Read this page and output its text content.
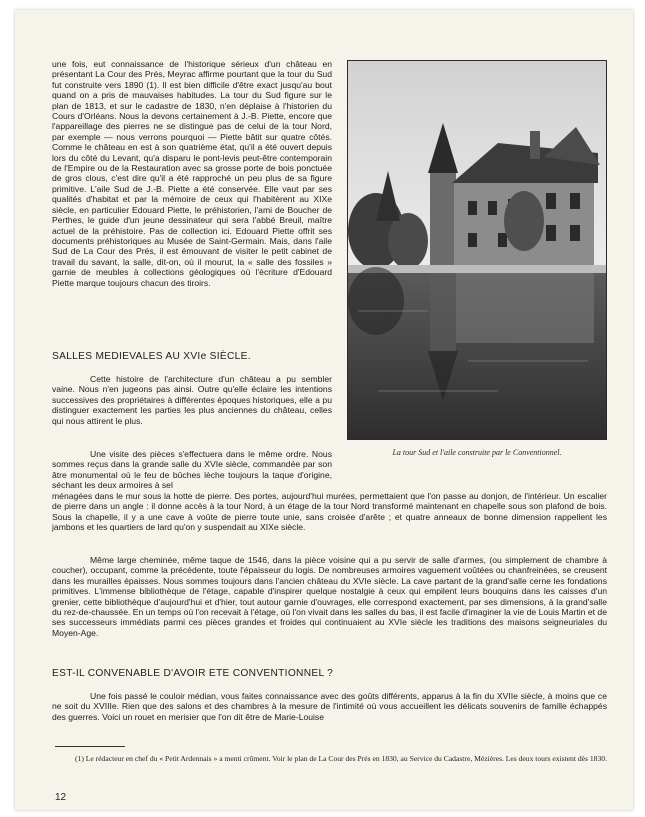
une fois, eut connaissance de l'historique sérieux d'un château en présentant La Cour des Prés, Meyrac affirme pourtant que la tour du Sud fut construite vers 1890 (1). Il est bien difficile d'être exact jusqu'au bout quand on a pris de mauvaises habitudes. La tour du Sud figure sur le plan de 1813, et sur le cadastre de 1830, n'en déplaise à l'historien du Cours d'Orléans. Nous la devons certainement à J.-B. Piette, encore que l'appareillage des pierres ne se distingue pas de celui de la tour Nord, par exemple — nous verrons pourquoi — Piette bâtit sur quatre côtés. Comme le château en est à son quatrième état, qu'il a été ouvert depuis lors du côté du Levant, qu'a disparu le pont-levis peut-être contemporain de l'Empire ou de la Restauration avec sa grosse porte de bois ponctuée de gros clous, c'est dire qu'il a été rapproché un peu plus de sa figure primitive. L'aile Sud de J.-B. Piette a été conservée. Elle vaut par ses qualités d'habitat et par la mémoire de ceux qui l'habitèrent au XIXe siècle, en particulier Edouard Piette, le préhistorien, l'ami de Boucher de Perthes, le guide d'un jeune dessinateur qui sera l'abbé Breuil, maître actuel de la préhistoire. Pas de collection ici. Edouard Piette offrit ses documents préhistoriques au Musée de Saint-Germain. Mais, dans l'aile Sud de La Cour des Prés, il est émouvant de visiter le petit cabinet de travail du savant, la salle, dit-on, où il mourut, la « salle des fossiles » garnie de meubles à collections géologiques où l'écriture d'Edouard Piette marque toujours chacun des tiroirs.

La tour Sud et l'aile construite par le Conventionnel.
SALLES MEDIEVALES AU XVIe SIÈCLE.

Cette histoire de l'architecture d'un château a pu sembler vaine. Nous n'en jugeons pas ainsi. Outre qu'elle éclaire les intentions successives des propriétaires à différentes époques historiques, elle a pu distinguer exactement les parties les plus anciennes du château, celles qui nous attirent le plus.

Une visite des pièces s'effectuera dans le même ordre. Nous sommes reçus dans la grande salle du XVIe siècle, commandée par son âtre monumental où le feu de bûches lèche toujours la taque d'origine, séchant les deux armoires à sel

ménagées dans le mur sous la hotte de pierre. Des portes, aujourd'hui murées, permettaient que l'on passe au donjon, de l'intérieur. Un escalier de pierre dans un angle : il donne accès à la tour Nord, à un étage de la tour Nord transformé maintenant en chapelle sous son plafond de bois. Sous la chapelle, il y a une cave à voûte de pierre toute unie, sans croisée d'arête ; et quatre anneaux de bonne dimension rappellent les jambons et les quartiers de lard qu'on y suspendait au XIXe siècle.

Même large cheminée, même taque de 1546, dans la pièce voisine qui a pu servir de salle d'armes, (ou simplement de chambre à coucher), occupant, comme la précédente, toute l'épaisseur du logis. De nombreuses armoires vaguement voûtées ou chanfreinées, se creusent dans les murailles épaisses. Nous sommes toujours dans l'ancien château du XVIe siècle. La cave partant de la grand'salle cerne les fondations primitives. L'immense bibliothèque de l'étage, capable d'inspirer quelque nostalgie à ceux qui empilent leurs bouquins dans les caisses d'un grenier, cette bibliothèque d'aujourd'hui et d'hier, tout autour garnie d'ouvrages, elle correspond exactement, par ses dimensions, à la grand'salle du rez-de-chaussée. En un temps où l'on recevait à l'étage, où l'on vivait dans les salles du bas, il est facile d'imaginer la vie de Louis Martin et de ses successeurs immédiats parmi ces pièces grandes et froides qui continuaient au XVIe siècle les traditions des maisons seigneuriales du Moyen-Age.

EST-IL CONVENABLE D'AVOIR ETE CONVENTIONNEL ?

Une fois passé le couloir médian, vous faites connaissance avec des goûts différents, apparus à la fin du XVIIe siècle, à moins que ce ne soit du XVIIIe. Rien que des salons et des chambres à la mesure de l'intimité où vous accueillent les délicats souvenirs de famille échappés des guerres. Voici un rouet en merisier que l'on dit être de Marie-Louise

(1) Le rédacteur en chef du « Petit Ardennais » a menti crûment. Voir le plan de La Cour des Prés en 1830, au Service du Cadastre, Mézières. Les deux tours existent dès 1830.

12
